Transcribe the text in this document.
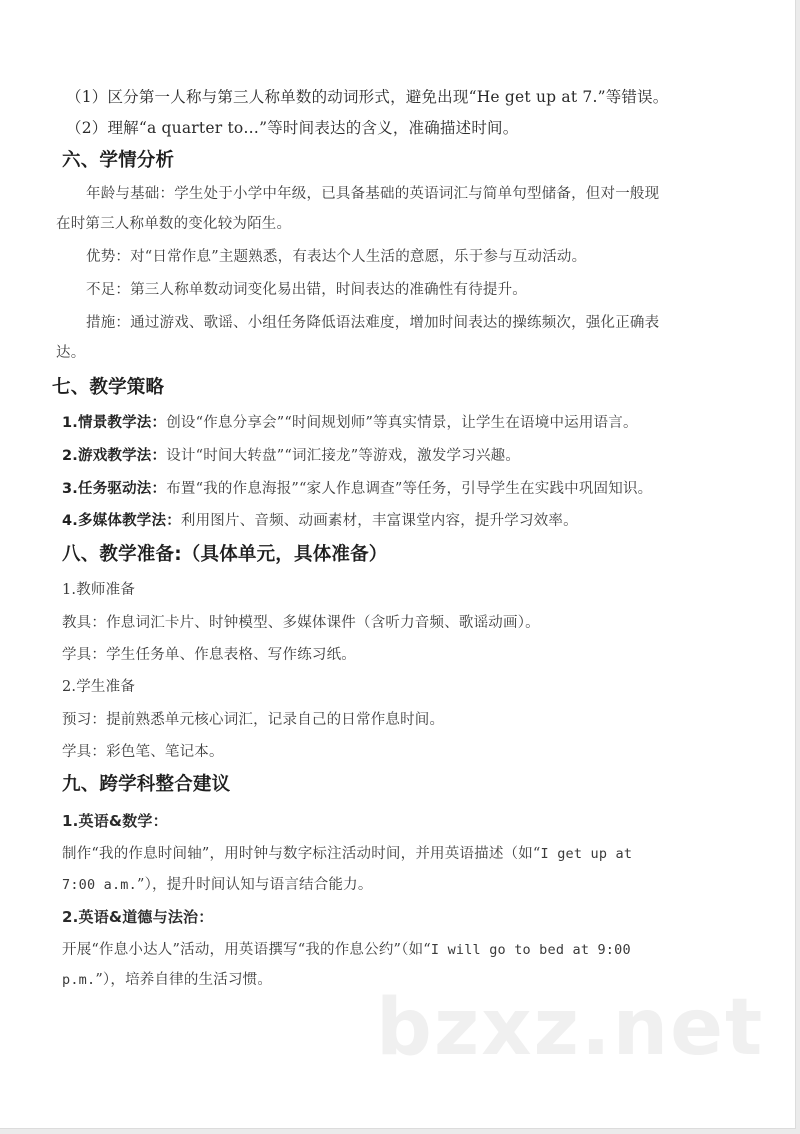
（1）区分第一人称与第三人称单数的动词形式，避免出现“He get up at 7.”等错误。
（2）理解“a quarter to…”等时间表达的含义，准确描述时间。
六、学情分析
年龄与基础：学生处于小学中年级，已具备基础的英语词汇与简单句型储备，但对一般现
在时第三人称单数的变化较为陌生。
优势：对“日常作息”主题熟悉，有表达个人生活的意愿，乐于参与互动活动。
不足：第三人称单数动词变化易出错，时间表达的准确性有待提升。
措施：通过游戏、歌谣、小组任务降低语法难度，增加时间表达的操练频次，强化正确表
达。
七、教学策略
1.情景教学法：创设“作息分享会”“时间规划师”等真实情景，让学生在语境中运用语言。
2.游戏教学法：设计“时间大转盘”“词汇接龙”等游戏，激发学习兴趣。
3.任务驱动法：布置“我的作息海报”“家人作息调查”等任务，引导学生在实践中巩固知识。
4.多媒体教学法：利用图片、音频、动画素材，丰富课堂内容，提升学习效率。
八、教学准备:（具体单元，具体准备）
1.教师准备
教具：作息词汇卡片、时钟模型、多媒体课件（含听力音频、歌谣动画）。
学具：学生任务单、作息表格、写作练习纸。
2.学生准备
预习：提前熟悉单元核心词汇，记录自己的日常作息时间。
学具：彩色笔、笔记本。
九、跨学科整合建议
1.英语&数学：
制作“我的作息时间轴”，用时钟与数字标注活动时间，并用英语描述（如“I get up at
7:00 a.m.”），提升时间认知与语言结合能力。
2.英语&道德与法治：
开展“作息小达人”活动，用英语撰写“我的作息公约”（如“I will go to bed at 9:00
p.m.”），培养自律的生活习惯。
bzxz.net
